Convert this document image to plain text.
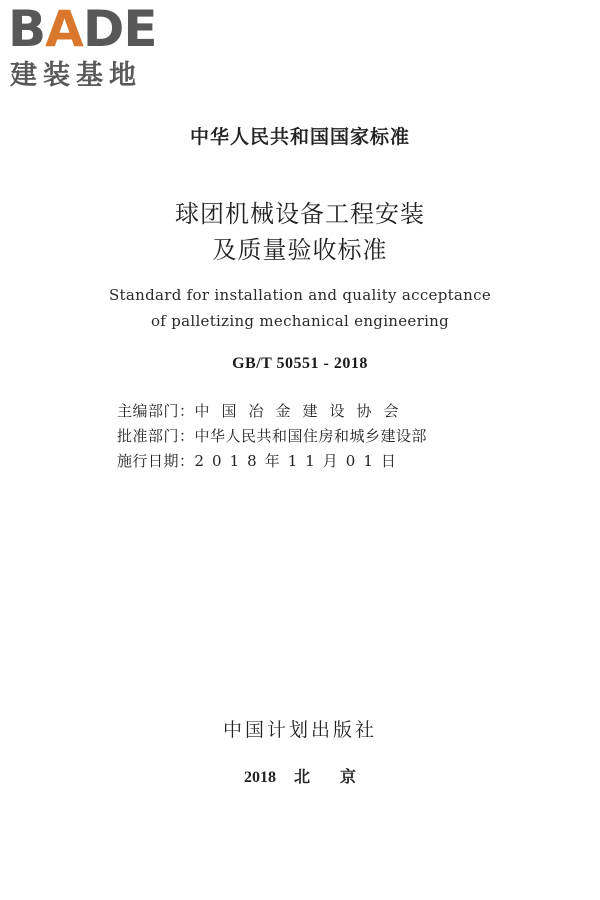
B A DE
建装基地
中华人民共和国国家标准
球团机械设备工程安装
及质量验收标准
Standard for installation and quality acceptance
of palletizing mechanical engineering
GB/T 50551 - 2018
主编部门： 中国冶金建设协会
批准部门： 中华人民共和国住房和城乡建设部
施行日期： 2018年11月01日
中国计划出版社
2018 北 京
